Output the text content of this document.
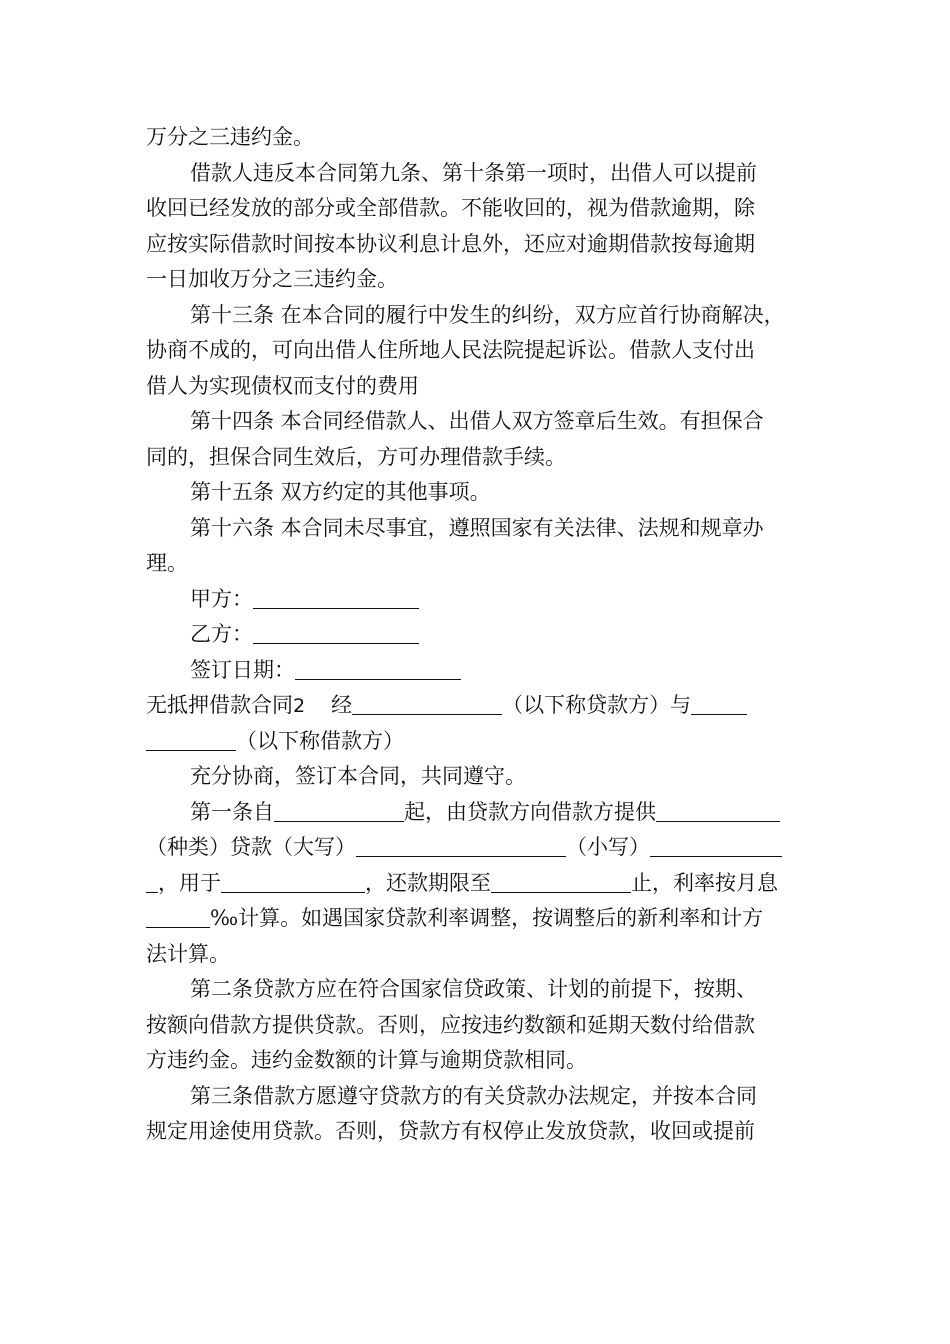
万分之三违约金。
借款人违反本合同第九条、第十条第一项时，出借人可以提前
收回已经发放的部分或全部借款。不能收回的，视为借款逾期，除
应按实际借款时间按本协议利息计息外，还应对逾期借款按每逾期
一日加收万分之三违约金。
第十三条 在本合同的履行中发生的纠纷，双方应首行协商解决，
协商不成的，可向出借人住所地人民法院提起诉讼。借款人支付出
借人为实现债权而支付的费用
第十四条 本合同经借款人、出借人双方签章后生效。有担保合
同的，担保合同生效后，方可办理借款手续。
第十五条 双方约定的其他事项。
第十六条 本合同未尽事宜，遵照国家有关法律、法规和规章办
理。
甲方：
乙方：
签订日期：
无抵押借款合同2 经	（以下称贷款方）与
（以下称借款方）
充分协商，签订本合同，共同遵守。
第一条自	起，由贷款方向借款方提供
（种类）贷款（大写）	（小写）
，用于	，还款期限至	止，利率按月息
‰计算。如遇国家贷款利率调整，按调整后的新利率和计方
法计算。
第二条贷款方应在符合国家信贷政策、计划的前提下，按期、
按额向借款方提供贷款。否则，应按违约数额和延期天数付给借款
方违约金。违约金数额的计算与逾期贷款相同。
第三条借款方愿遵守贷款方的有关贷款办法规定，并按本合同
规定用途使用贷款。否则，贷款方有权停止发放贷款，收回或提前
